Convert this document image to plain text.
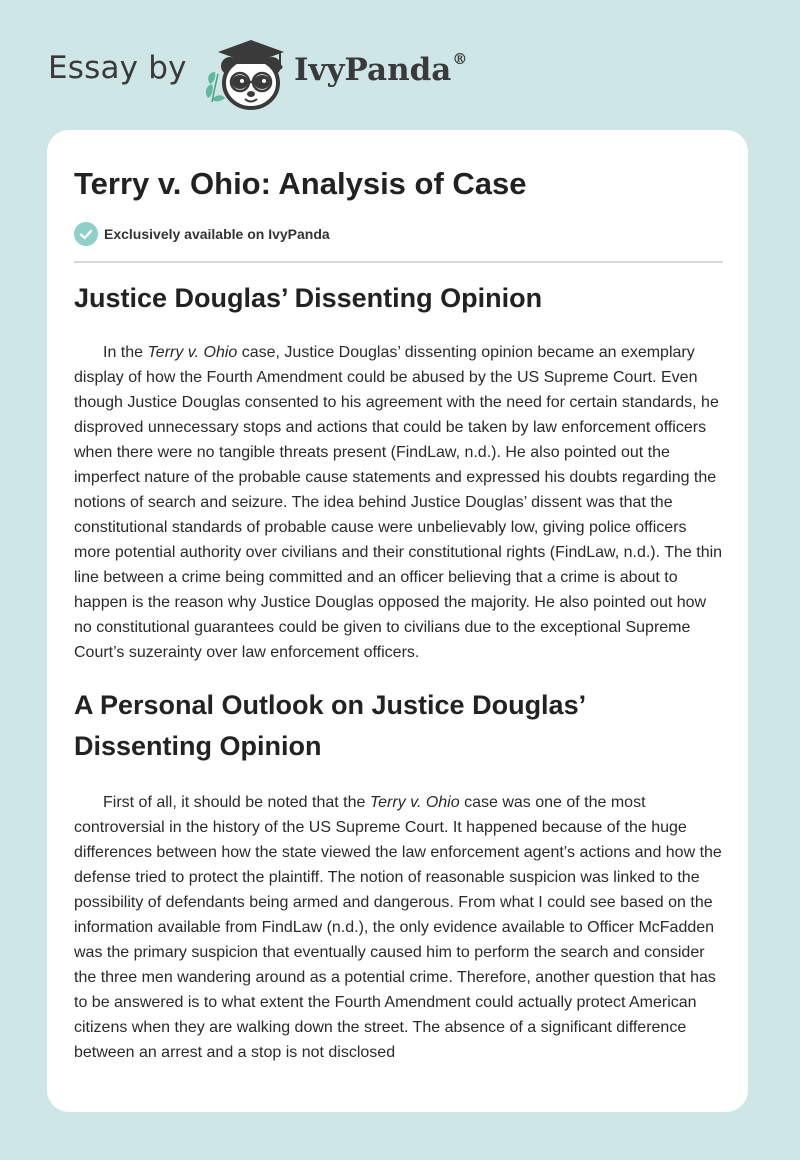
Essay by	IvyPanda®
Terry v. Ohio: Analysis of Case
Exclusively available on IvyPanda
Justice Douglas’ Dissenting Opinion

In the Terry v. Ohio case, Justice Douglas’ dissenting opinion became an exemplary display of how the Fourth Amendment could be abused by the US Supreme Court. Even though Justice Douglas consented to his agreement with the need for certain standards, he disproved unnecessary stops and actions that could be taken by law enforcement officers when there were no tangible threats present (FindLaw, n.d.). He also pointed out the imperfect nature of the probable cause statements and expressed his doubts regarding the notions of search and seizure. The idea behind Justice Douglas’ dissent was that the constitutional standards of probable cause were unbelievably low, giving police officers more potential authority over civilians and their constitutional rights (FindLaw, n.d.). The thin line between a crime being committed and an officer believing that a crime is about to happen is the reason why Justice Douglas opposed the majority. He also pointed out how no constitutional guarantees could be given to civilians due to the exceptional Supreme Court’s suzerainty over law enforcement officers.

A Personal Outlook on Justice Douglas’ Dissenting Opinion

First of all, it should be noted that the Terry v. Ohio case was one of the most controversial in the history of the US Supreme Court. It happened because of the huge differences between how the state viewed the law enforcement agent’s actions and how the defense tried to protect the plaintiff. The notion of reasonable suspicion was linked to the possibility of defendants being armed and dangerous. From what I could see based on the information available from FindLaw (n.d.), the only evidence available to Officer McFadden was the primary suspicion that eventually caused him to perform the search and consider the three men wandering around as a potential crime. Therefore, another question that has to be answered is to what extent the Fourth Amendment could actually protect American citizens when they are walking down the street. The absence of a significant difference between an arrest and a stop is not disclosed
